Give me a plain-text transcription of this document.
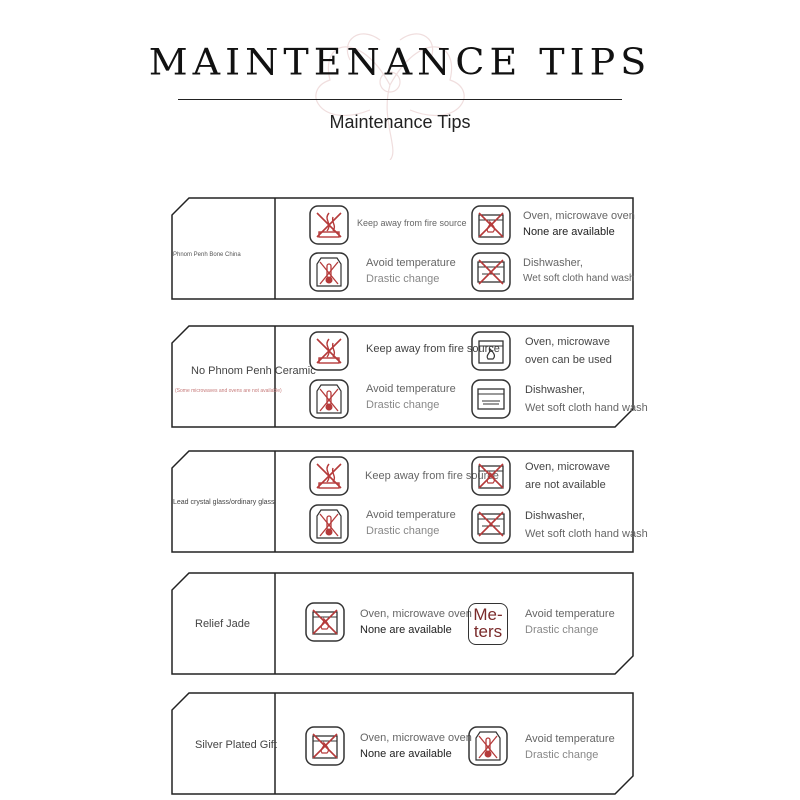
MAINTENANCE TIPS
Maintenance Tips
Phnom Penh Bone China
Keep away from fire source
Oven, microwave oven
None are available
Avoid temperature
Drastic change
Dishwasher,
Wet soft cloth hand wash
No Phnom Penh Ceramic
(Some microwaves and ovens are not available)
Keep away from fire source
Oven, microwave
oven can be used
Avoid temperature
Drastic change
Dishwasher,
Wet soft cloth hand wash
Lead crystal glass/ordinary glass
Keep away from fire source
Oven, microwave
are not available
Avoid temperature
Drastic change
Dishwasher,
Wet soft cloth hand wash
Relief Jade
Oven, microwave oven
None are available
Me-
ters
Avoid temperature
Drastic change
Silver Plated Gift
Oven, microwave oven
None are available
Avoid temperature
Drastic change
